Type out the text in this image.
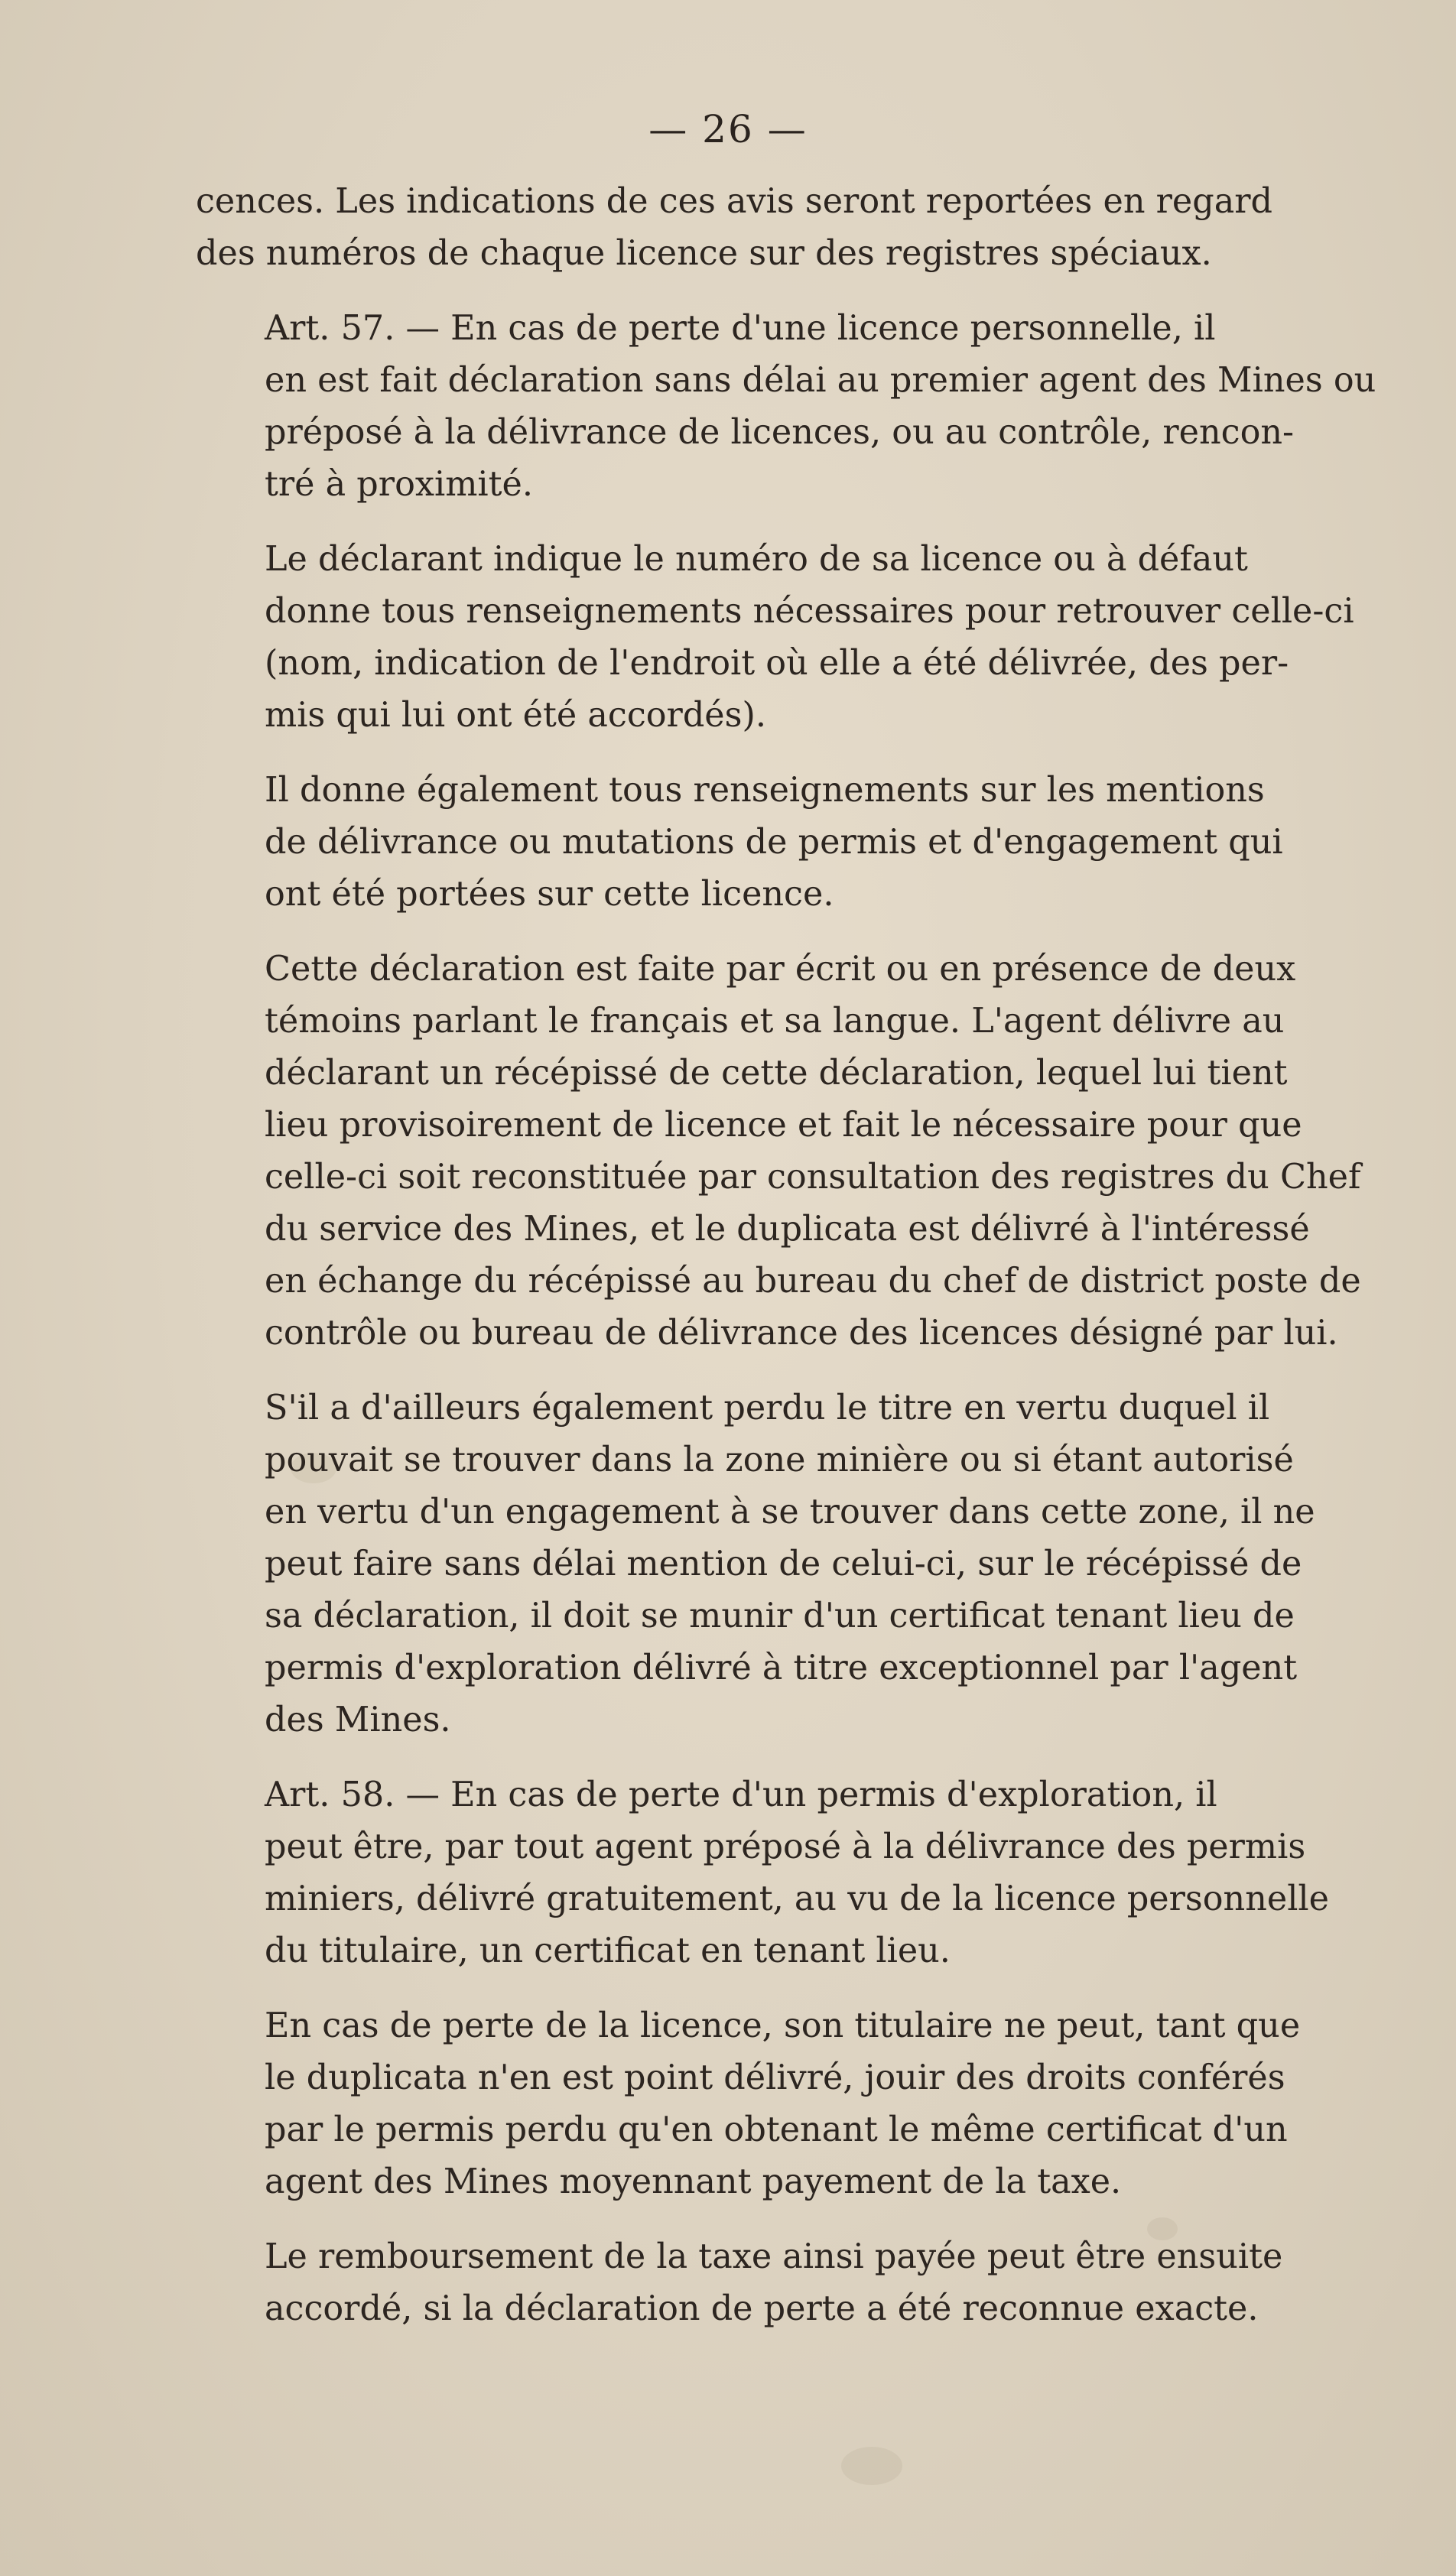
— 26 —

cences. Les indications de ces avis seront reportées en regard
des numéros de chaque licence sur des registres spéciaux.

Art. 57. — En cas de perte d'une licence personnelle, il
en est fait déclaration sans délai au premier agent des Mines ou
préposé à la délivrance de licences, ou au contrôle, rencon-
tré à proximité.

Le déclarant indique le numéro de sa licence ou à défaut
donne tous renseignements nécessaires pour retrouver celle-ci
(nom, indication de l'endroit où elle a été délivrée, des per-
mis qui lui ont été accordés).

Il donne également tous renseignements sur les mentions
de délivrance ou mutations de permis et d'engagement qui
ont été portées sur cette licence.

Cette déclaration est faite par écrit ou en présence de deux
témoins parlant le français et sa langue. L'agent délivre au
déclarant un récépissé de cette déclaration, lequel lui tient
lieu provisoirement de licence et fait le nécessaire pour que
celle-ci soit reconstituée par consultation des registres du Chef
du service des Mines, et le duplicata est délivré à l'intéressé
en échange du récépissé au bureau du chef de district poste de
contrôle ou bureau de délivrance des licences désigné par lui.

S'il a d'ailleurs également perdu le titre en vertu duquel il
pouvait se trouver dans la zone minière ou si étant autorisé
en vertu d'un engagement à se trouver dans cette zone, il ne
peut faire sans délai mention de celui-ci, sur le récépissé de
sa déclaration, il doit se munir d'un certificat tenant lieu de
permis d'exploration délivré à titre exceptionnel par l'agent
des Mines.

Art. 58. — En cas de perte d'un permis d'exploration, il
peut être, par tout agent préposé à la délivrance des permis
miniers, délivré gratuitement, au vu de la licence personnelle
du titulaire, un certificat en tenant lieu.

En cas de perte de la licence, son titulaire ne peut, tant que
le duplicata n'en est point délivré, jouir des droits conférés
par le permis perdu qu'en obtenant le même certificat d'un
agent des Mines moyennant payement de la taxe.

Le remboursement de la taxe ainsi payée peut être ensuite
accordé, si la déclaration de perte a été reconnue exacte.
